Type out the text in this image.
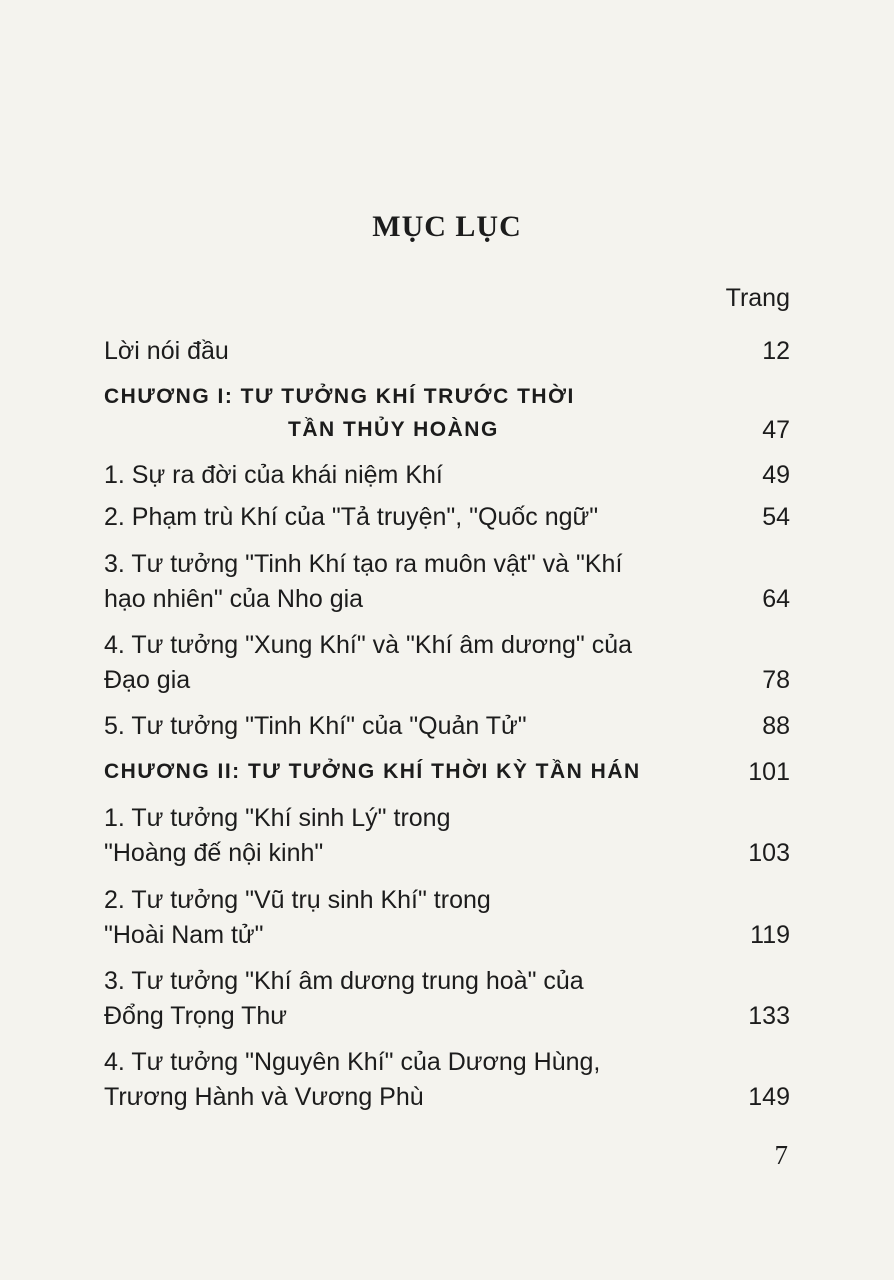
MỤC LỤC
Trang
Lời nói đầu	12
CHƯƠNG I: TƯ TƯỞNG KHÍ TRƯỚC THỜI
TẦN THỦY HOÀNG	47
1. Sự ra đời của khái niệm Khí	49
2. Phạm trù Khí của "Tả truyện", "Quốc ngữ"	54
3. Tư tưởng "Tinh Khí tạo ra muôn vật" và "Khí
hạo nhiên" của Nho gia	64
4. Tư tưởng "Xung Khí" và "Khí âm dương" của
Đạo gia	78
5. Tư tưởng "Tinh Khí" của "Quản Tử"	88
CHƯƠNG II: TƯ TƯỞNG KHÍ THỜI KỲ TẦN HÁN	101
1. Tư tưởng "Khí sinh Lý" trong
"Hoàng đế nội kinh"	103
2. Tư tưởng "Vũ trụ sinh Khí" trong
"Hoài Nam tử"	119
3. Tư tưởng "Khí âm dương trung hoà" của
Đổng Trọng Thư	133
4. Tư tưởng "Nguyên Khí" của Dương Hùng,
Trương Hành và Vương Phù	149
7
